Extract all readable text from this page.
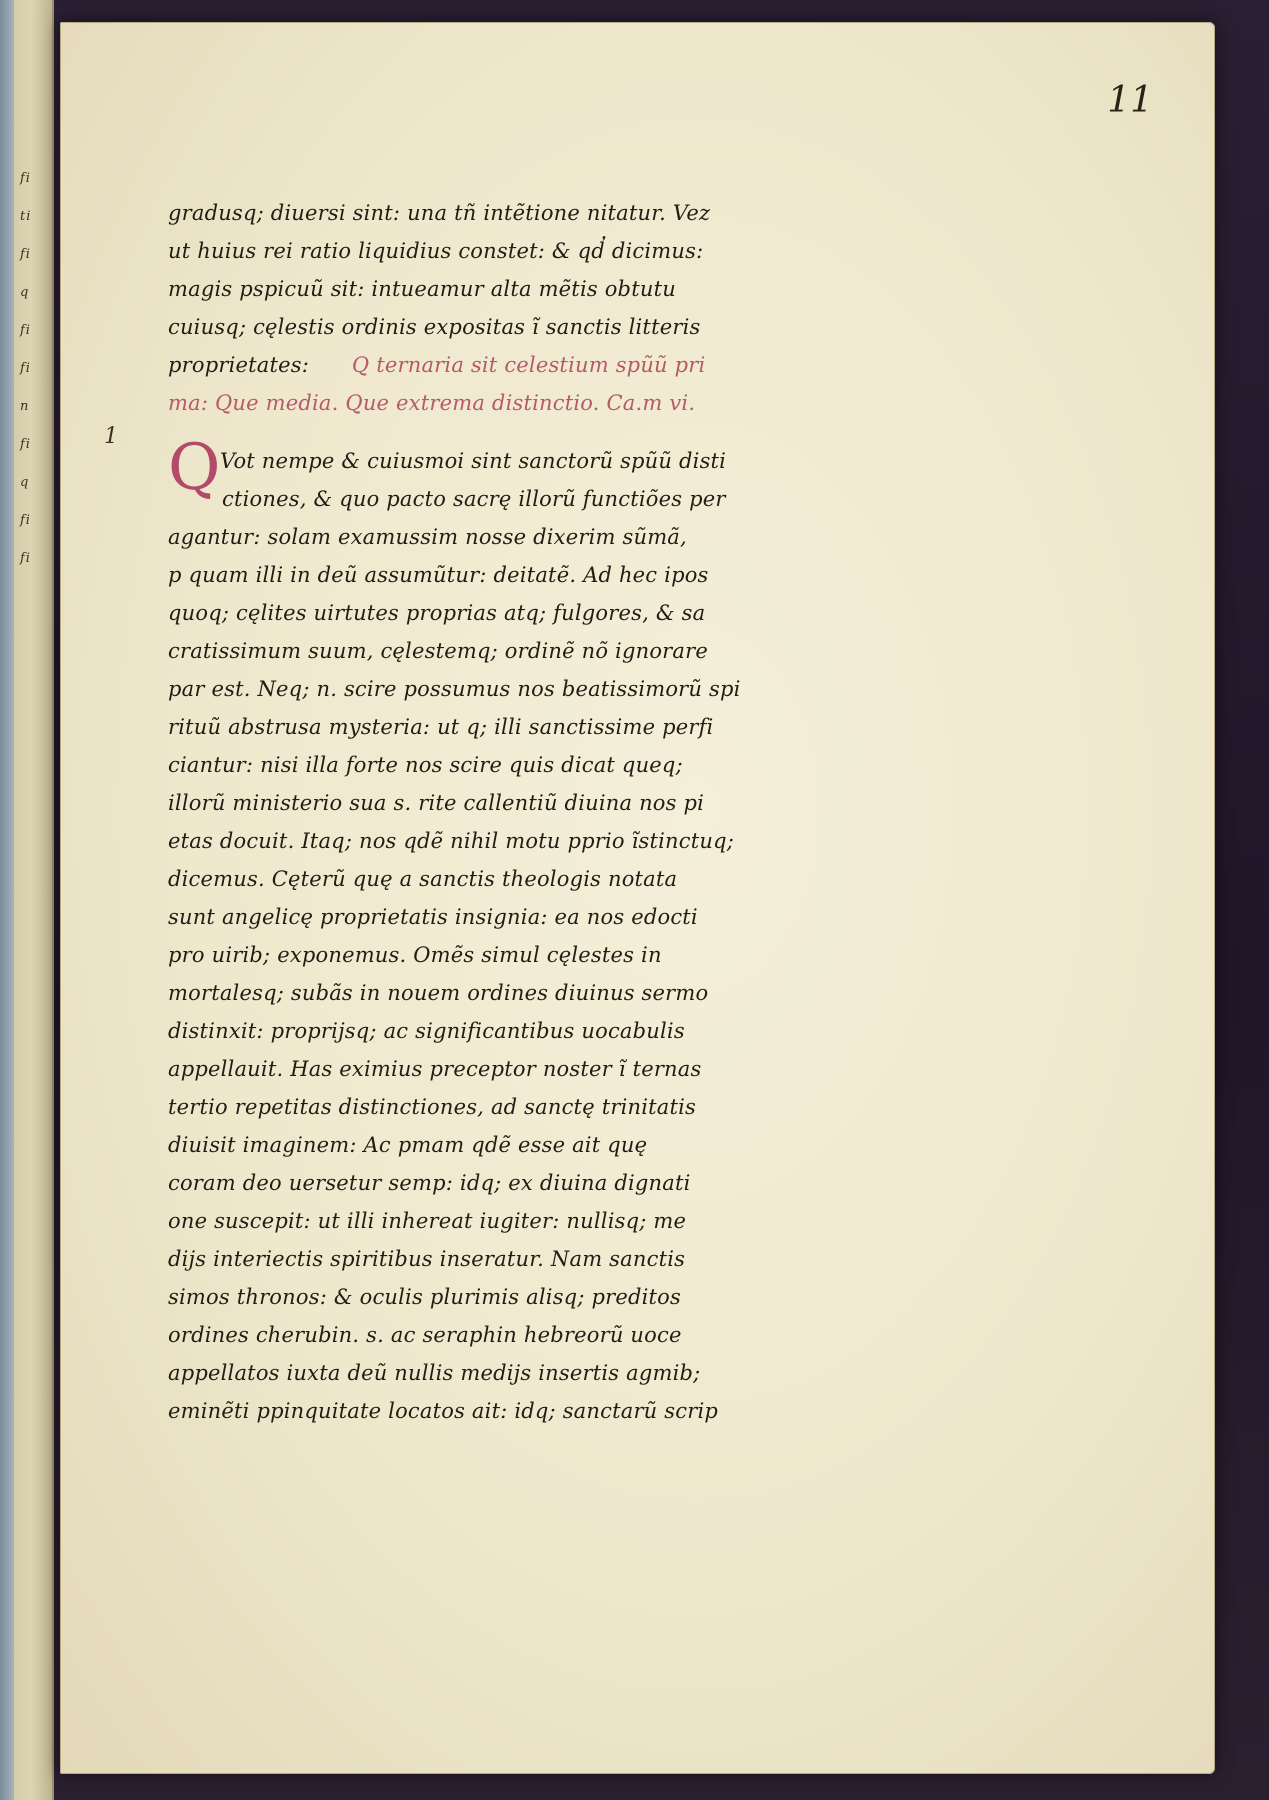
fi
ti
fi
q
fi
fi
n
fi
q
fi
fi
11
1
gradusq; diuersi sint: una tñ intẽtione nitatur. Vez
ut huius rei ratio liquidius constet: & qd̓ dicimus:
magis pspicuũ sit: intueamur alta mẽtis obtutu
cuiusq; cęlestis ordinis expositas ĩ sanctis litteris
proprietates: Q ternaria sit celestium spũũ pri
ma: Que media. Que extrema distinctio. Ca.m vi.
QVot nempe & cuiusmoi sint sanctorũ spũũ disti
ctiones, & quo pacto sacrę illorũ functiões per
agantur: solam examussim nosse dixerim sũmã,
p quam illi in deũ assumũtur: deitatẽ. Ad hec ipos
quoq; cęlites uirtutes proprias atq; fulgores, & sa
cratissimum suum, cęlestemq; ordinẽ nõ ignorare
par est. Neq; n. scire possumus nos beatissimorũ spi
rituũ abstrusa mysteria: ut q; illi sanctissime perfi
ciantur: nisi illa forte nos scire quis dicat queq;
illorũ ministerio sua s. rite callentiũ diuina nos pi
etas docuit. Itaq; nos qdẽ nihil motu pprio ĩstinctuq;
dicemus. Cęterũ quę a sanctis theologis notata
sunt angelicę proprietatis insignia: ea nos edocti
pro uirib; exponemus. Omẽs simul cęlestes in
mortalesq; subãs in nouem ordines diuinus sermo
distinxit: proprijsq; ac significantibus uocabulis
appellauit. Has eximius preceptor noster ĩ ternas
tertio repetitas distinctiones, ad sanctę trinitatis
diuisit imaginem: Ac pmam qdẽ esse ait quę
coram deo uersetur semp: idq; ex diuina dignati
one suscepit: ut illi inhereat iugiter: nullisq; me
dijs interiectis spiritibus inseratur. Nam sanctis
simos thronos: & oculis plurimis alisq; preditos
ordines cherubin. s. ac seraphin hebreorũ uoce
appellatos iuxta deũ nullis medijs insertis agmib;
eminẽti ppinquitate locatos ait: idq; sanctarũ scrip
